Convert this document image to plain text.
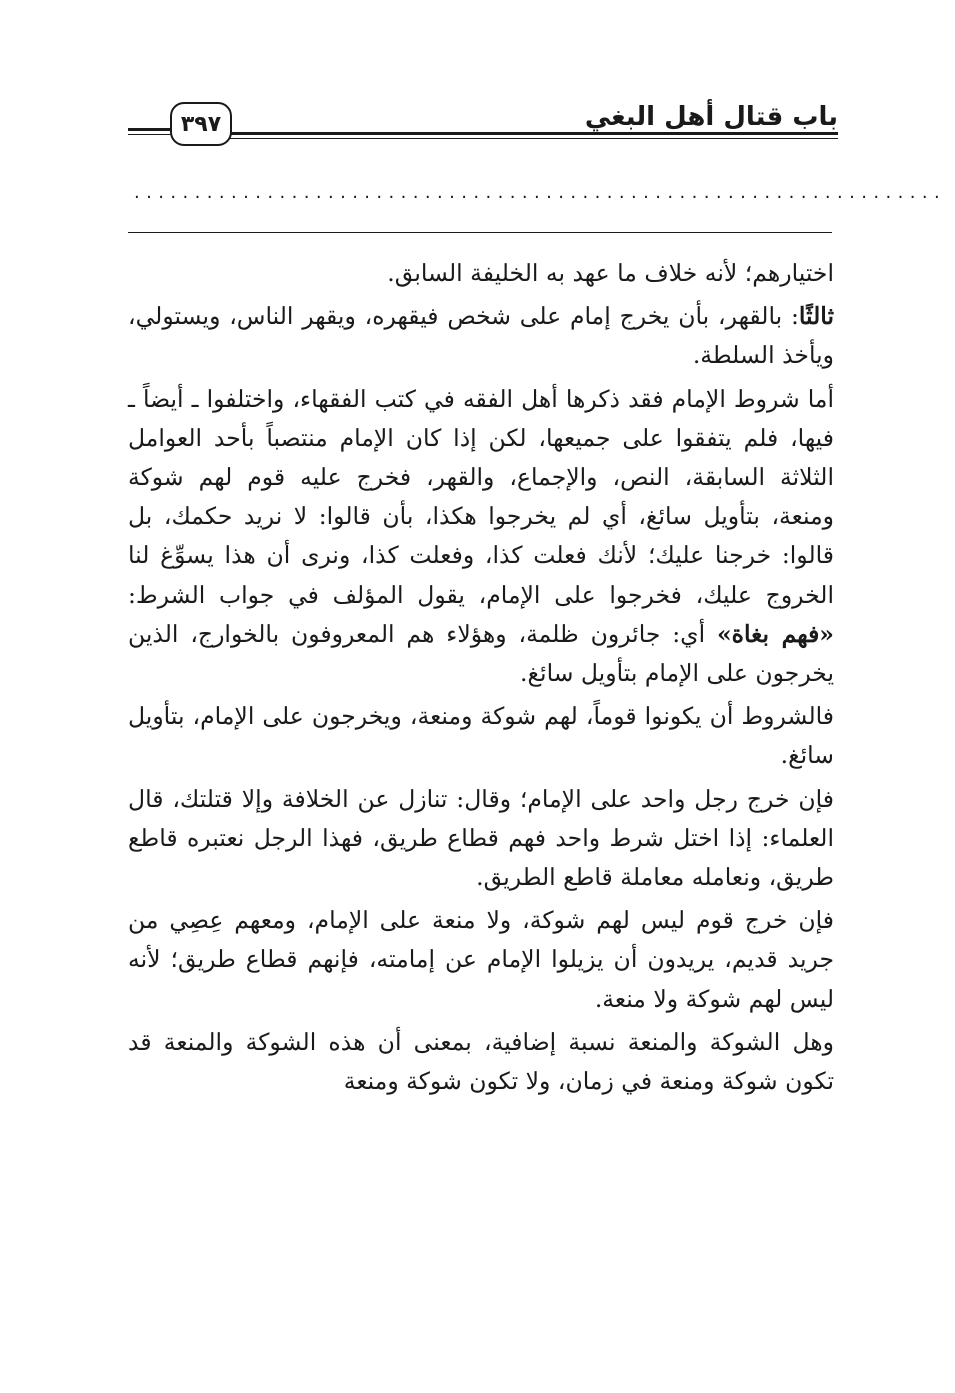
باب قتال أهل البغي
٣٩٧
...................................................................

اختيارهم؛ لأنه خلاف ما عهد به الخليفة السابق.

ثالثًا: بالقهر، بأن يخرج إمام على شخص فيقهره، ويقهر الناس، ويستولي، ويأخذ السلطة.

أما شروط الإمام فقد ذكرها أهل الفقه في كتب الفقهاء، واختلفوا ـ أيضاً ـ فيها، فلم يتفقوا على جميعها، لكن إذا كان الإمام منتصباً بأحد العوامل الثلاثة السابقة، النص، والإجماع، والقهر، فخرج عليه قوم لهم شوكة ومنعة، بتأويل سائغ، أي لم يخرجوا هكذا، بأن قالوا: لا نريد حكمك، بل قالوا: خرجنا عليك؛ لأنك فعلت كذا، وفعلت كذا، ونرى أن هذا يسوِّغ لنا الخروج عليك، فخرجوا على الإمام، يقول المؤلف في جواب الشرط: «فهم بغاة» أي: جائرون ظلمة، وهؤلاء هم المعروفون بالخوارج، الذين يخرجون على الإمام بتأويل سائغ.

فالشروط أن يكونوا قوماً، لهم شوكة ومنعة، ويخرجون على الإمام، بتأويل سائغ.

فإن خرج رجل واحد على الإمام؛ وقال: تنازل عن الخلافة وإلا قتلتك، قال العلماء: إذا اختل شرط واحد فهم قطاع طريق، فهذا الرجل نعتبره قاطع طريق، ونعامله معاملة قاطع الطريق.

فإن خرج قوم ليس لهم شوكة، ولا منعة على الإمام، ومعهم عِصِي من جريد قديم، يريدون أن يزيلوا الإمام عن إمامته، فإنهم قطاع طريق؛ لأنه ليس لهم شوكة ولا منعة.

وهل الشوكة والمنعة نسبة إضافية، بمعنى أن هذه الشوكة والمنعة قد تكون شوكة ومنعة في زمان، ولا تكون شوكة ومنعة
